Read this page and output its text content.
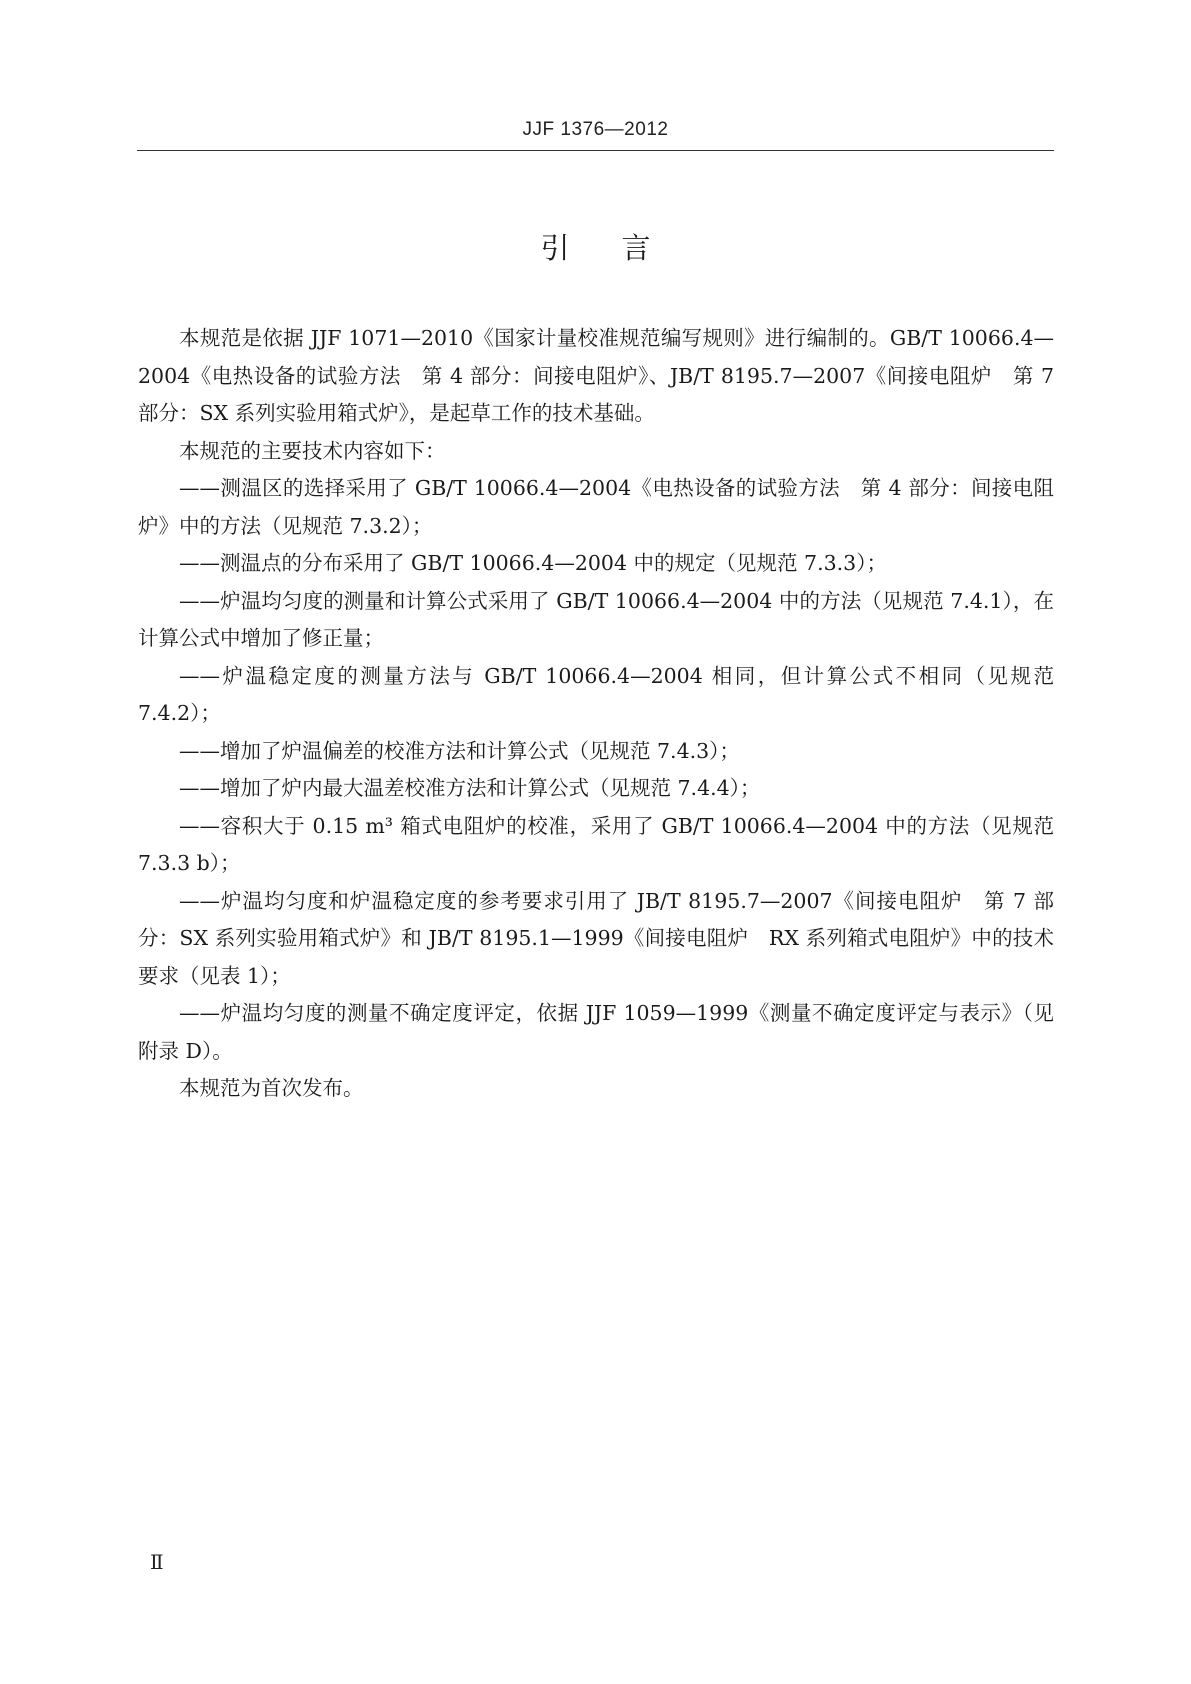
JJF 1376—2012
引言

本规范是依据 JJF 1071—2010《国家计量校准规范编写规则》进行编制的。GB/T 10066.4—2004《电热设备的试验方法　第 4 部分：间接电阻炉》、JB/T 8195.7—2007《间接电阻炉　第 7 部分：SX 系列实验用箱式炉》，是起草工作的技术基础。

本规范的主要技术内容如下：

——测温区的选择采用了 GB/T 10066.4—2004《电热设备的试验方法　第 4 部分：间接电阻炉》中的方法（见规范 7.3.2）；

——测温点的分布采用了 GB/T 10066.4—2004 中的规定（见规范 7.3.3）；

——炉温均匀度的测量和计算公式采用了 GB/T 10066.4—2004 中的方法（见规范 7.4.1），在计算公式中增加了修正量；

——炉温稳定度的测量方法与 GB/T 10066.4—2004 相同，但计算公式不相同（见规范 7.4.2）；

——增加了炉温偏差的校准方法和计算公式（见规范 7.4.3）；

——增加了炉内最大温差校准方法和计算公式（见规范 7.4.4）；

——容积大于 0.15 m³ 箱式电阻炉的校准，采用了 GB/T 10066.4—2004 中的方法（见规范 7.3.3 b）；

——炉温均匀度和炉温稳定度的参考要求引用了 JB/T 8195.7—2007《间接电阻炉　第 7 部分：SX 系列实验用箱式炉》和 JB/T 8195.1—1999《间接电阻炉　RX 系列箱式电阻炉》中的技术要求（见表 1）；

——炉温均匀度的测量不确定度评定，依据 JJF 1059—1999《测量不确定度评定与表示》（见附录 D）。

本规范为首次发布。

Ⅱ
